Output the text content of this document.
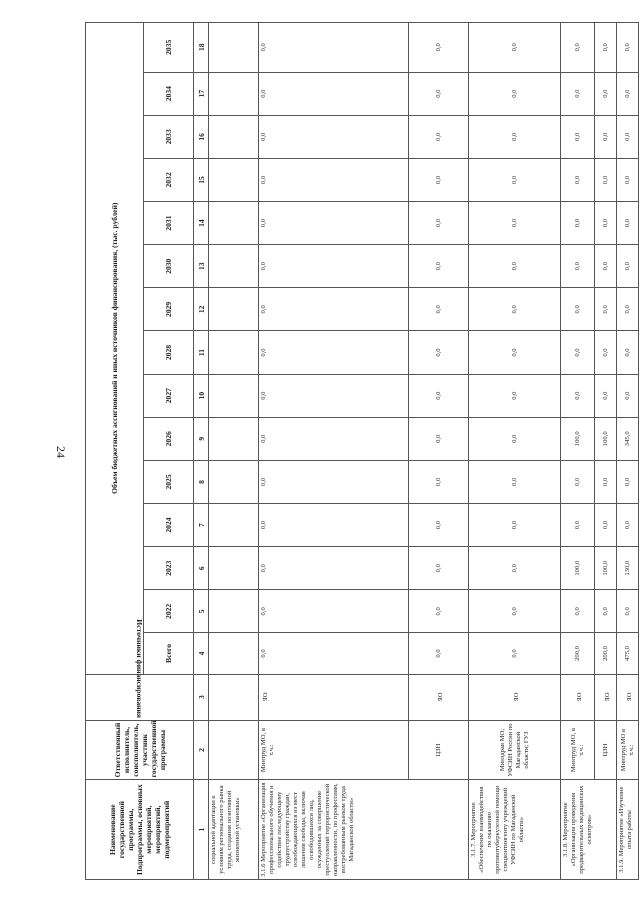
24
Наименование государственной программы, Подпрограммы, основных мероприятий, мероприятий, подмероприятий	Ответственный исполнитель, соисполнитель, участник государственной программы	Источники финансирования	Объем бюджетных ассигнований и иных источников финансирования, (тыс. рублей)														
			Всего	2022	2023	2024	2025	2026	2027	2028	2029	2030	2031	2032	2033	2034	2035
1	2	3	4	5	6	7	8	9	10	11	12	13	14	15	16	17	18
социальной адаптации к условиям регионального рынка труда, создания позитивной жизненной установки»																	
3.1.6 Мероприятие «Организация профессионального обучения и содействие последующему трудоустройству граждан, освобождающихся из мест лишения свободы, включая освободившихся лиц, осужденных за совершение преступлений террористической направленности, по профессиям, востребованным рынком труда Магаданской области»	Минтруд МО, в т.ч.:	ОБ	0,0	0,0	0,0	0,0	0,0	0,0	0,0	0,0	0,0	0,0	0,0	0,0	0,0	0,0	0,0
	ЦЗН	ОБ	0,0	0,0	0,0	0,0	0,0	0,0	0,0	0,0	0,0	0,0	0,0	0,0	0,0	0,0	0,0
3.1.7. Мероприятие «Обеспечение взаимодействия по оказанию противотуберкулезной помощи спецконтингенту учреждений УФСИН по Магаданской области»	Минздрав МО; УФСИН России по Магаданской области; ГУЗ	ОБ	0,0	0,0	0,0	0,0	0,0	0,0	0,0	0,0	0,0	0,0	0,0	0,0	0,0	0,0	0,0
3.1.8. Мероприятие «Организация проведения предварительных медицинских осмотров»	Минтруд МО, в т.ч.:	ОБ	200,0	0,0	100,0	0,0	0,0	100,0	0,0	0,0	0,0	0,0	0,0	0,0	0,0	0,0	0,0
	ЦЗН	ОБ	200,0	0,0	100,0	0,0	0,0	100,0	0,0	0,0	0,0	0,0	0,0	0,0	0,0	0,0	0,0
3.1.9. Мероприятие «Изучение опыта работы	Минтруд МО в т.ч.:	ОБ	475,0	0,0	130,0	0,0	0,0	345,0	0,0	0,0	0,0	0,0	0,0	0,0	0,0	0,0	0,0
